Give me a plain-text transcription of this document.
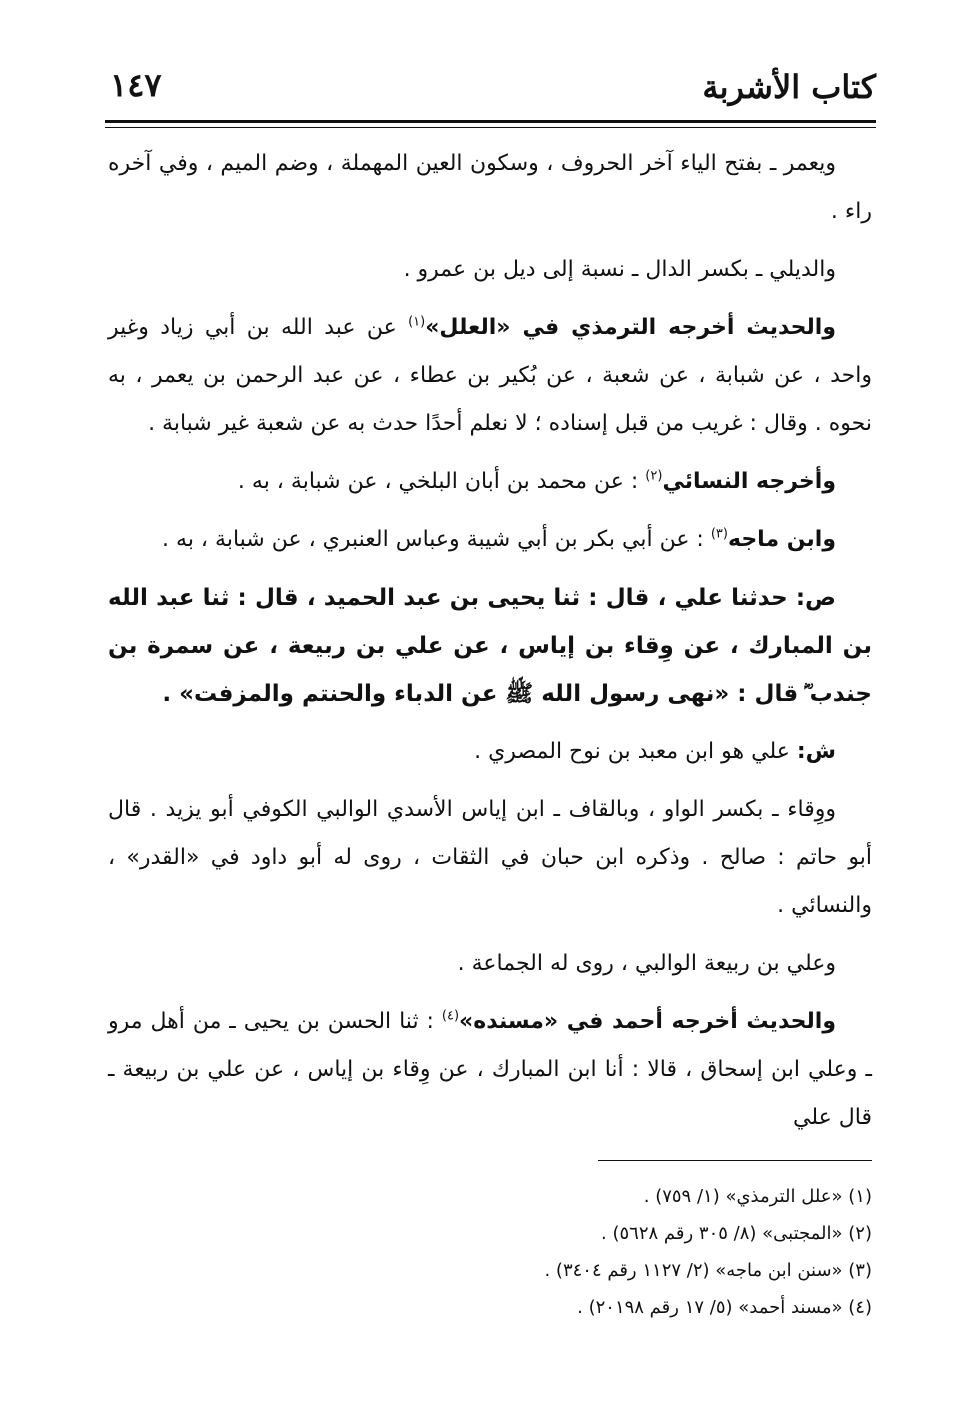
كتاب الأشربة
١٤٧

ويعمر ـ بفتح الياء آخر الحروف ، وسكون العين المهملة ، وضم الميم ، وفي آخره راء .

والديلي ـ بكسر الدال ـ نسبة إلى ديل بن عمرو .

والحديث أخرجه الترمذي في «العلل»$^{(١)}$ عن عبد الله بن أبي زياد وغير واحد ، عن شبابة ، عن شعبة ، عن بُكير بن عطاء ، عن عبد الرحمن بن يعمر ، به نحوه . وقال : غريب من قبل إسناده ؛ لا نعلم أحدًا حدث به عن شعبة غير شبابة .

وأخرجه النسائي$^{(٢)}$ : عن محمد بن أبان البلخي ، عن شبابة ، به .

وابن ماجه$^{(٣)}$ : عن أبي بكر بن أبي شيبة وعباس العنبري ، عن شبابة ، به .

ص: حدثنا علي ، قال : ثنا يحيى بن عبد الحميد ، قال : ثنا عبد الله بن المبارك ، عن وِقاء بن إياس ، عن علي بن ربيعة ، عن سمرة بن جندب ؓ قال : «نهى رسول الله ﷺ عن الدباء والحنتم والمزفت» .

ش: علي هو ابن معبد بن نوح المصري .

ووِقاء ـ بكسر الواو ، وبالقاف ـ ابن إياس الأسدي الوالبي الكوفي أبو يزيد . قال أبو حاتم : صالح . وذكره ابن حبان في الثقات ، روى له أبو داود في «القدر» ، والنسائي .

وعلي بن ربيعة الوالبي ، روى له الجماعة .

والحديث أخرجه أحمد في «مسنده»$^{(٤)}$ : ثنا الحسن بن يحيى ـ من أهل مرو ـ وعلي ابن إسحاق ، قالا : أنا ابن المبارك ، عن وِقاء بن إياس ، عن علي بن ربيعة ـ قال علي

(١) «علل الترمذي» (١/ ٧٥٩) .
(٢) «المجتبى» (٨/ ٣٠٥ رقم ٥٦٢٨) .
(٣) «سنن ابن ماجه» (٢/ ١١٢٧ رقم ٣٤٠٤) .
(٤) «مسند أحمد» (٥/ ١٧ رقم ٢٠١٩٨) .
